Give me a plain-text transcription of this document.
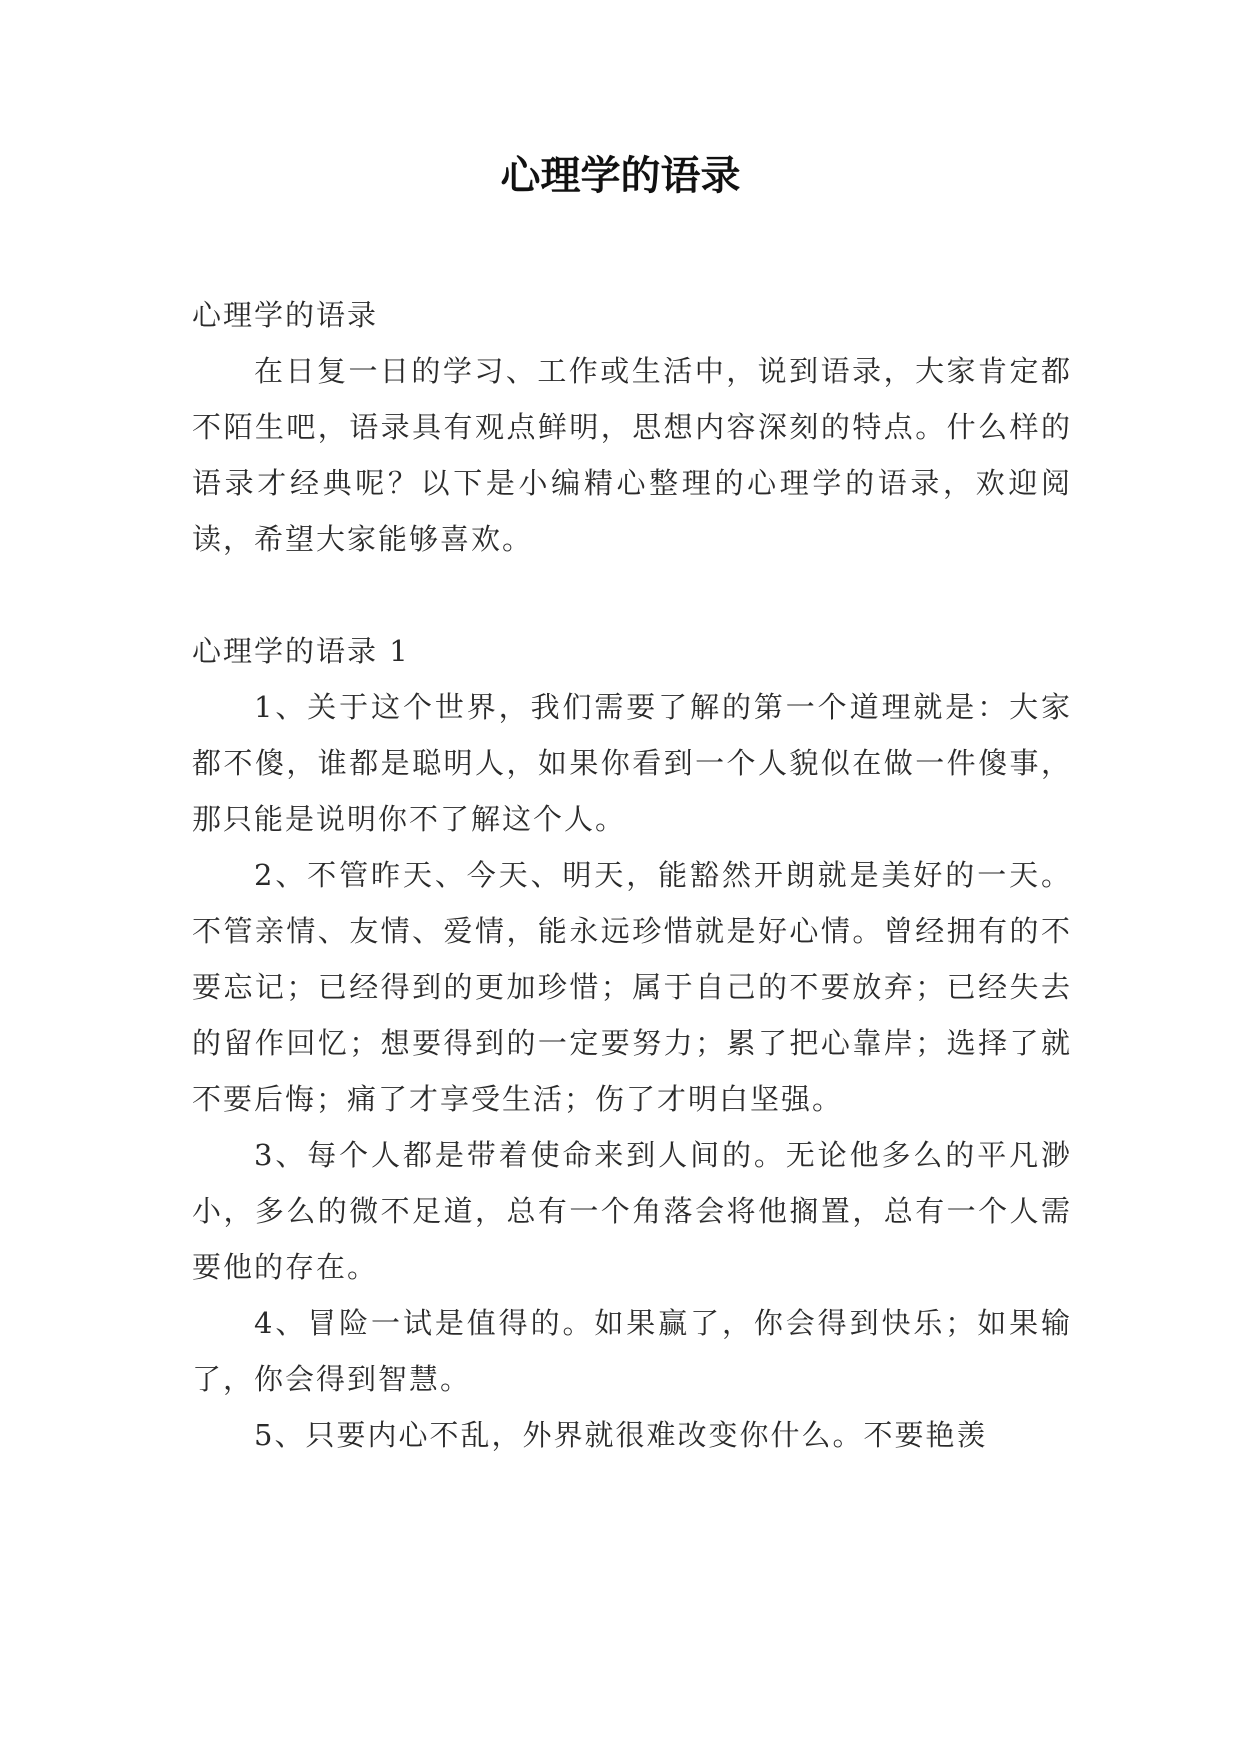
心理学的语录

心理学的语录

在日复一日的学习、工作或生活中，说到语录，大家肯定都不陌生吧，语录具有观点鲜明，思想内容深刻的特点。什么样的语录才经典呢？以下是小编精心整理的心理学的语录，欢迎阅读，希望大家能够喜欢。

心理学的语录 1

1、关于这个世界，我们需要了解的第一个道理就是：大家都不傻，谁都是聪明人，如果你看到一个人貌似在做一件傻事，那只能是说明你不了解这个人。

2、不管昨天、今天、明天，能豁然开朗就是美好的一天。不管亲情、友情、爱情，能永远珍惜就是好心情。曾经拥有的不要忘记；已经得到的更加珍惜；属于自己的不要放弃；已经失去的留作回忆；想要得到的一定要努力；累了把心靠岸；选择了就不要后悔；痛了才享受生活；伤了才明白坚强。

3、每个人都是带着使命来到人间的。无论他多么的平凡渺小，多么的微不足道，总有一个角落会将他搁置，总有一个人需要他的存在。

4、冒险一试是值得的。如果赢了，你会得到快乐；如果输了，你会得到智慧。

5、只要内心不乱，外界就很难改变你什么。不要艳羡
